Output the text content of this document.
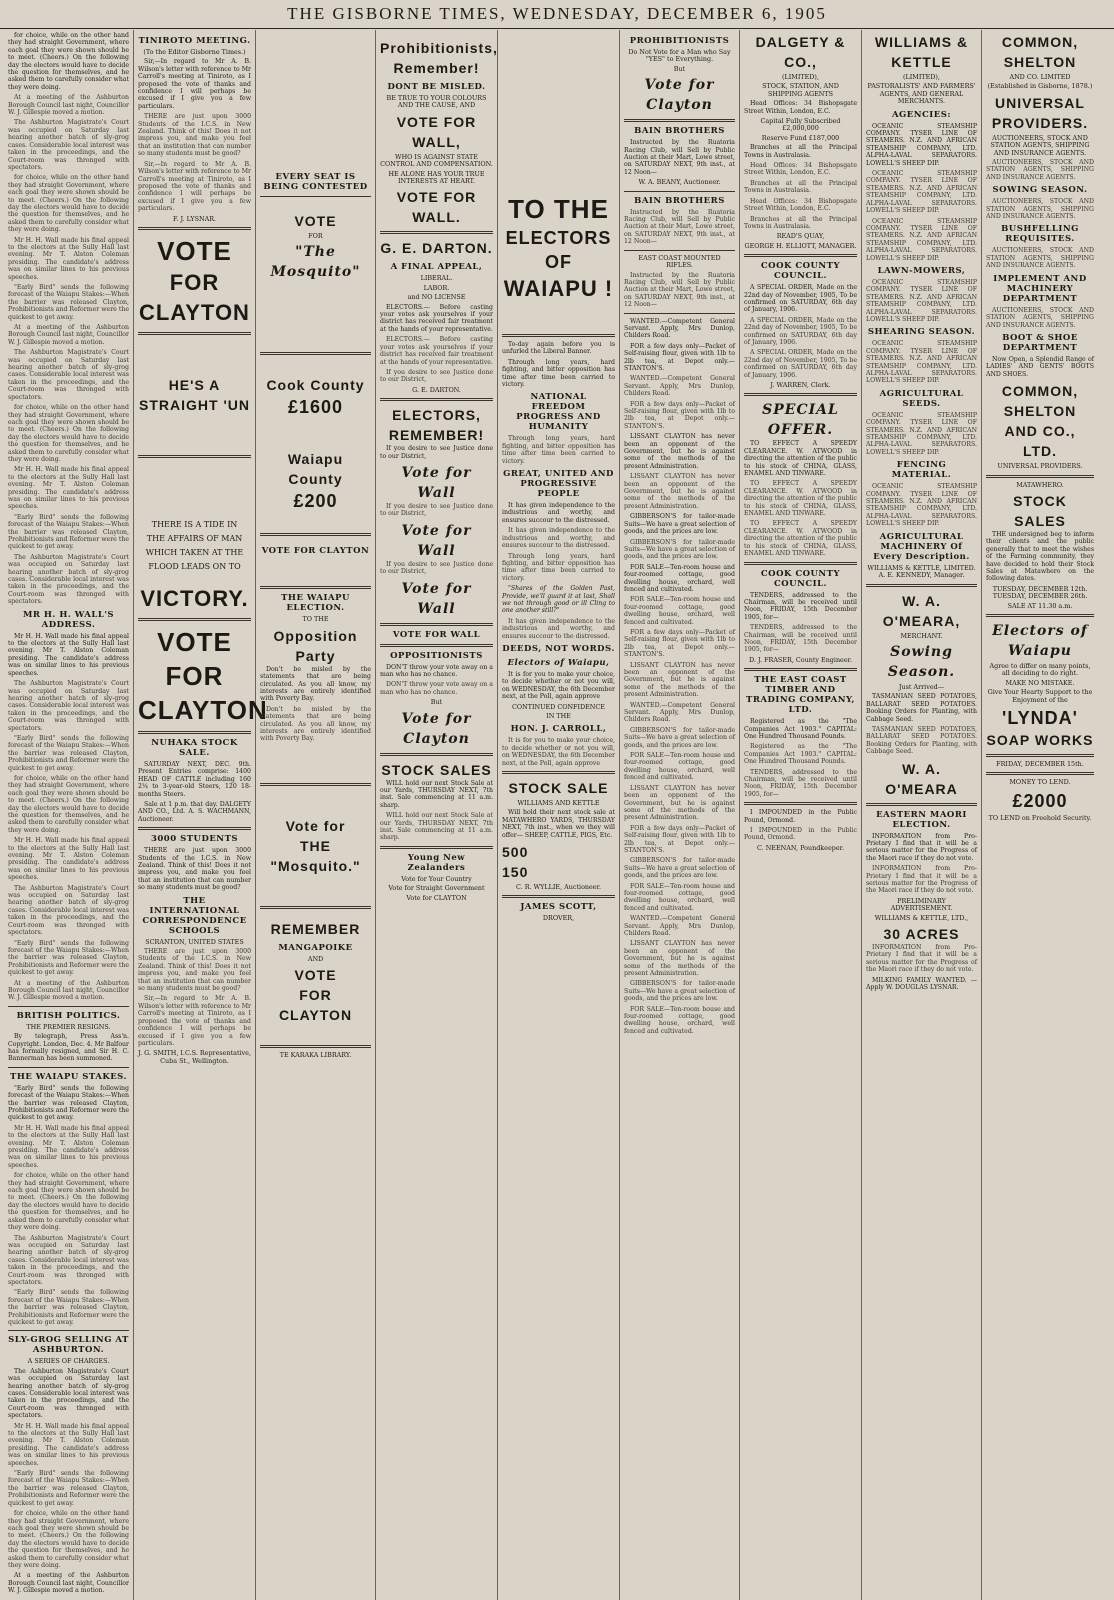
THE GISBORNE TIMES, WEDNESDAY, DECEMBER 6, 1905

for choice, while on the other hand they had straight Government, where each goal they were shown should be to meet. (Cheers.) On the following day the electors would have to decide the question for themselves, and he asked them to carefully consider what they were doing.

At a meeting of the Ashburton Borough Council last night, Councillor W. J. Gillespie moved a motion.

The Ashburton Magistrate's Court was occupied on Saturday last hearing another batch of sly-grog cases. Considerable local interest was taken in the proceedings, and the Court-room was thronged with spectators.

for choice, while on the other hand they had straight Government, where each goal they were shown should be to meet. (Cheers.) On the following day the electors would have to decide the question for themselves, and he asked them to carefully consider what they were doing.

Mr H. H. Wall made his final appeal to the electors at the Sully Hall last evening. Mr T. Alston Coleman presiding. The candidate's address was on similar lines to his previous speeches.

"Early Bird" sends the following forecast of the Waiapu Stakes:—When the barrier was released Clayton, Prohibitionists and Reformer were the quickest to get away.

At a meeting of the Ashburton Borough Council last night, Councillor W. J. Gillespie moved a motion.

The Ashburton Magistrate's Court was occupied on Saturday last hearing another batch of sly-grog cases. Considerable local interest was taken in the proceedings, and the Court-room was thronged with spectators.

for choice, while on the other hand they had straight Government, where each goal they were shown should be to meet. (Cheers.) On the following day the electors would have to decide the question for themselves, and he asked them to carefully consider what they were doing.

Mr H. H. Wall made his final appeal to the electors at the Sully Hall last evening. Mr T. Alston Coleman presiding. The candidate's address was on similar lines to his previous speeches.

"Early Bird" sends the following forecast of the Waiapu Stakes:—When the barrier was released Clayton, Prohibitionists and Reformer were the quickest to get away.

The Ashburton Magistrate's Court was occupied on Saturday last hearing another batch of sly-grog cases. Considerable local interest was taken in the proceedings, and the Court-room was thronged with spectators.

MR H. H. WALL'S ADDRESS.

Mr H. H. Wall made his final appeal to the electors at the Sully Hall last evening. Mr T. Alston Coleman presiding. The candidate's address was on similar lines to his previous speeches.

The Ashburton Magistrate's Court was occupied on Saturday last hearing another batch of sly-grog cases. Considerable local interest was taken in the proceedings, and the Court-room was thronged with spectators.

"Early Bird" sends the following forecast of the Waiapu Stakes:—When the barrier was released Clayton, Prohibitionists and Reformer were the quickest to get away.

for choice, while on the other hand they had straight Government, where each goal they were shown should be to meet. (Cheers.) On the following day the electors would have to decide the question for themselves, and he asked them to carefully consider what they were doing.

Mr H. H. Wall made his final appeal to the electors at the Sully Hall last evening. Mr T. Alston Coleman presiding. The candidate's address was on similar lines to his previous speeches.

The Ashburton Magistrate's Court was occupied on Saturday last hearing another batch of sly-grog cases. Considerable local interest was taken in the proceedings, and the Court-room was thronged with spectators.

"Early Bird" sends the following forecast of the Waiapu Stakes:—When the barrier was released Clayton, Prohibitionists and Reformer were the quickest to get away.

At a meeting of the Ashburton Borough Council last night, Councillor W. J. Gillespie moved a motion.

BRITISH POLITICS.
THE PREMIER RESIGNS.

By telegraph, Press Ass'n. Copyright. London, Dec. 4. Mr Balfour has formally resigned, and Sir H. C. Bannerman has been summoned.

THE WAIAPU STAKES.

"Early Bird" sends the following forecast of the Waiapu Stakes:—When the barrier was released Clayton, Prohibitionists and Reformer were the quickest to get away.

Mr H. H. Wall made his final appeal to the electors at the Sully Hall last evening. Mr T. Alston Coleman presiding. The candidate's address was on similar lines to his previous speeches.

for choice, while on the other hand they had straight Government, where each goal they were shown should be to meet. (Cheers.) On the following day the electors would have to decide the question for themselves, and he asked them to carefully consider what they were doing.

The Ashburton Magistrate's Court was occupied on Saturday last hearing another batch of sly-grog cases. Considerable local interest was taken in the proceedings, and the Court-room was thronged with spectators.

"Early Bird" sends the following forecast of the Waiapu Stakes:—When the barrier was released Clayton, Prohibitionists and Reformer were the quickest to get away.

SLY-GROG SELLING AT ASHBURTON.
A SERIES OF CHARGES.

The Ashburton Magistrate's Court was occupied on Saturday last hearing another batch of sly-grog cases. Considerable local interest was taken in the proceedings, and the Court-room was thronged with spectators.

Mr H. H. Wall made his final appeal to the electors at the Sully Hall last evening. Mr T. Alston Coleman presiding. The candidate's address was on similar lines to his previous speeches.

"Early Bird" sends the following forecast of the Waiapu Stakes:—When the barrier was released Clayton, Prohibitionists and Reformer were the quickest to get away.

for choice, while on the other hand they had straight Government, where each goal they were shown should be to meet. (Cheers.) On the following day the electors would have to decide the question for themselves, and he asked them to carefully consider what they were doing.

At a meeting of the Ashburton Borough Council last night, Councillor W. J. Gillespie moved a motion.

TINIROTO MEETING.
(To the Editor Gisborne Times.)

Sir,—In regard to Mr A. B. Wilson's letter with reference to Mr Carroll's meeting at Tiniroto, as I proposed the vote of thanks and confidence I will perhaps be excused if I give you a few particulars.

THERE are just upon 3000 Students of the I.C.S. in New Zealand. Think of this! Does it not impress you, and make you feel that an institution that can number so many students must be good?

Sir,—In regard to Mr A. B. Wilson's letter with reference to Mr Carroll's meeting at Tiniroto, as I proposed the vote of thanks and confidence I will perhaps be excused if I give you a few particulars.

F. J. LYSNAR.
VOTE
FOR
CLAYTON
HE'S A STRAIGHT 'UN
THERE IS A TIDE IN THE AFFAIRS OF MAN WHICH TAKEN AT THE FLOOD LEADS ON TO
VICTORY.
VOTE
FOR
CLAYTON
NUHAKA STOCK SALE.

SATURDAY NEXT, DEC. 9th. Present Entries comprise: 1400 HEAD OF CATTLE including 160 2¼ to 3-year-old Steers, 120 18-months Steers.

Sale at 1 p.m. that day. DALGETY AND CO., Ltd. A. S. WACHMANN, Auctioneer.

3000 STUDENTS

THERE are just upon 3000 Students of the I.C.S. in New Zealand. Think of this! Does it not impress you, and make you feel that an institution that can number so many students must be good?

THE INTERNATIONAL CORRESPONDENCE SCHOOLS
SCRANTON, UNITED STATES

THERE are just upon 3000 Students of the I.C.S. in New Zealand. Think of this! Does it not impress you, and make you feel that an institution that can number so many students must be good?

Sir,—In regard to Mr A. B. Wilson's letter with reference to Mr Carroll's meeting at Tiniroto, as I proposed the vote of thanks and confidence I will perhaps be excused if I give you a few particulars.

J. G. SMITH, I.C.S. Representative, Cuba St., Wellington.
EVERY SEAT IS BEING CONTESTED
VOTE
FOR
"The Mosquito"
Cook County
£1600
Waiapu County
£200
VOTE FOR CLAYTON
THE WAIAPU ELECTION.
TO THE
Opposition Party

Don't be misled by the statements that are being circulated. As you all know, my interests are entirely identified with Poverty Bay.

Don't be misled by the statements that are being circulated. As you all know, my interests are entirely identified with Poverty Bay.

Vote for
THE "Mosquito."
REMEMBER
MANGAPOIKE
AND
VOTE
FOR
CLAYTON
TE KARAKA LIBRARY.
Prohibitionists, Remember!
DONT BE MISLED.
BE TRUE TO YOUR COLOURS AND THE CAUSE, AND
VOTE FOR WALL,
WHO IS AGAINST STATE CONTROL AND COMPENSATION.
HE ALONE HAS YOUR TRUE INTERESTS AT HEART.
VOTE FOR WALL.
G. E. DARTON.
A FINAL APPEAL,
LIBERAL.
LABOR.
and NO LICENSE

ELECTORS.— Before casting your votes ask yourselves if your district has received fair treatment at the hands of your representative.

ELECTORS.— Before casting your votes ask yourselves if your district has received fair treatment at the hands of your representative.

If you desire to see Justice done to our District,

G. E. DARTON.
ELECTORS, REMEMBER!

If you desire to see Justice done to our District,

Vote for Wall

If you desire to see Justice done to our District,

Vote for Wall

If you desire to see Justice done to our District,

Vote for Wall
VOTE FOR WALL
OPPOSITIONISTS

DON'T throw your vote away on a man who has no chance.

DON'T throw your vote away on a man who has no chance.

But
Vote for Clayton
STOCK SALES

WILL hold our next Stock Sale at our Yards, THURSDAY NEXT, 7th inst. Sale commencing at 11 a.m. sharp.

WILL hold our next Stock Sale at our Yards, THURSDAY NEXT, 7th inst. Sale commencing at 11 a.m. sharp.

Young New Zealanders
Vote for Your Country
Vote for Straight Government
Vote for CLAYTON
TO THE
ELECTORS OF
WAIAPU !

To-day again before you is unfurled the Liberal Banner.

Through long years, hard fighting, and bitter opposition has time after time been carried to victory.

NATIONAL FREEDOM PROGRESS AND HUMANITY

Through long years, hard fighting, and bitter opposition has time after time been carried to victory.

GREAT, UNITED AND PROGRESSIVE PEOPLE

It has given independence to the industrious and worthy, and ensures succour to the distressed.

It has given independence to the industrious and worthy, and ensures succour to the distressed.

Through long years, hard fighting, and bitter opposition has time after time been carried to victory.

"Shares of the Golden Past, Provide, we'll guard it at last, Shall we not through good or ill Cling to one another still?"

It has given independence to the industrious and worthy, and ensures succour to the distressed.

DEEDS, NOT WORDS.
Electors of Waiapu,

It is for you to make your choice, to decide whether or not you will, on WEDNESDAY, the 6th December next, at the Poll, again approve

CONTINUED CONFIDENCE
IN THE
HON. J. CARROLL,

It is for you to make your choice, to decide whether or not you will, on WEDNESDAY, the 6th December next, at the Poll, again approve

STOCK SALE
WILLIAMS AND KETTLE

Will hold their next stock sale at MATAWHERO YARDS, THURSDAY NEXT, 7th inst., when we they will offer— SHEEP, CATTLE, PIGS, Etc.

500
150
C. R. WYLLIE, Auctioneer.
JAMES SCOTT,
DROVER,
PROHIBITIONISTS
Do Not Vote for a Man who Say "YES" to Everything.
But
Vote for Clayton
BAIN BROTHERS

Instructed by the Ruatoria Racing Club, will Sell by Public Auction at their Mart, Lowe street, on SATURDAY NEXT, 9th inst., at 12 Noon—

W. A. BEANY, Auctioneer.
BAIN BROTHERS

Instructed by the Ruatoria Racing Club, will Sell by Public Auction at their Mart, Lowe street, on SATURDAY NEXT, 9th inst., at 12 Noon—

EAST COAST MOUNTED RIFLES.

Instructed by the Ruatoria Racing Club, will Sell by Public Auction at their Mart, Lowe street, on SATURDAY NEXT, 9th inst., at 12 Noon—

WANTED.—Competent General Servant. Apply, Mrs Dunlop, Childers Road.

FOR a few days only—Packet of Self-raising flour, given with 1lb to 2lb tea, at Depot only.—STANTON'S.

WANTED.—Competent General Servant. Apply, Mrs Dunlop, Childers Road.

FOR a few days only—Packet of Self-raising flour, given with 1lb to 2lb tea, at Depot only.—STANTON'S.

LISSANT CLAYTON has never been an opponent of the Government, but he is against some of the methods of the present Administration.

LISSANT CLAYTON has never been an opponent of the Government, but he is against some of the methods of the present Administration.

GIBBERSON'S for tailor-made Suits—We have a great selection of goods, and the prices are low.

GIBBERSON'S for tailor-made Suits—We have a great selection of goods, and the prices are low.

FOR SALE—Ten-room house and four-roomed cottage, good dwelling house, orchard, well fenced and cultivated.

FOR SALE—Ten-room house and four-roomed cottage, good dwelling house, orchard, well fenced and cultivated.

FOR a few days only—Packet of Self-raising flour, given with 1lb to 2lb tea, at Depot only.—STANTON'S.

LISSANT CLAYTON has never been an opponent of the Government, but he is against some of the methods of the present Administration.

WANTED.—Competent General Servant. Apply, Mrs Dunlop, Childers Road.

GIBBERSON'S for tailor-made Suits—We have a great selection of goods, and the prices are low.

FOR SALE—Ten-room house and four-roomed cottage, good dwelling house, orchard, well fenced and cultivated.

LISSANT CLAYTON has never been an opponent of the Government, but he is against some of the methods of the present Administration.

FOR a few days only—Packet of Self-raising flour, given with 1lb to 2lb tea, at Depot only.—STANTON'S.

GIBBERSON'S for tailor-made Suits—We have a great selection of goods, and the prices are low.

FOR SALE—Ten-room house and four-roomed cottage, good dwelling house, orchard, well fenced and cultivated.

WANTED.—Competent General Servant. Apply, Mrs Dunlop, Childers Road.

LISSANT CLAYTON has never been an opponent of the Government, but he is against some of the methods of the present Administration.

GIBBERSON'S for tailor-made Suits—We have a great selection of goods, and the prices are low.

FOR SALE—Ten-room house and four-roomed cottage, good dwelling house, orchard, well fenced and cultivated.

DALGETY & CO.,
(LIMITED),
STOCK, STATION, AND SHIPPING AGENTS

Head Offices: 34 Bishopsgate Street Within, London, E.C.

Capital Fully Subscribed £2,000,000
Reserve Fund £187,000

Branches at all the Principal Towns in Australasia.

Head Offices: 34 Bishopsgate Street Within, London, E.C.

Branches at all the Principal Towns in Australasia.

Head Offices: 34 Bishopsgate Street Within, London, E.C.

Branches at all the Principal Towns in Australasia.

READ'S QUAY,
GEORGE H. ELLIOTT, MANAGER.
COOK COUNTY COUNCIL.

A SPECIAL ORDER, Made on the 22nd day of November, 1905, To be confirmed on SATURDAY, 6th day of January, 1906.

A SPECIAL ORDER, Made on the 22nd day of November, 1905, To be confirmed on SATURDAY, 6th day of January, 1906.

A SPECIAL ORDER, Made on the 22nd day of November, 1905, To be confirmed on SATURDAY, 6th day of January, 1906.

J. WARREN, Clerk.
SPECIAL OFFER.

TO EFFECT A SPEEDY CLEARANCE. W. ATWOOD in directing the attention of the public to his stock of CHINA, GLASS, ENAMEL AND TINWARE.

TO EFFECT A SPEEDY CLEARANCE. W. ATWOOD in directing the attention of the public to his stock of CHINA, GLASS, ENAMEL AND TINWARE.

TO EFFECT A SPEEDY CLEARANCE. W. ATWOOD in directing the attention of the public to his stock of CHINA, GLASS, ENAMEL AND TINWARE.

COOK COUNTY COUNCIL.

TENDERS, addressed to the Chairman, will be received until Noon, FRIDAY, 15th December 1905, for—

TENDERS, addressed to the Chairman, will be received until Noon, FRIDAY, 15th December 1905, for—

D. J. FRASER, County Engineer.
THE EAST COAST TIMBER AND TRADING COMPANY, LTD.

Registered as the "The Companies Act 1903." CAPITAL: One Hundred Thousand Pounds.

Registered as the "The Companies Act 1903." CAPITAL: One Hundred Thousand Pounds.

TENDERS, addressed to the Chairman, will be received until Noon, FRIDAY, 15th December 1905, for—

I IMPOUNDED in the Public Pound, Ormond.

I IMPOUNDED in the Public Pound, Ormond.

C. NEENAN, Poundkeeper.
WILLIAMS & KETTLE
(LIMITED),
PASTORALISTS' AND FARMERS' AGENTS, AND GENERAL MERCHANTS.
AGENCIES:

OCEANIC STEAMSHIP COMPANY. TYSER LINE OF STEAMERS. N.Z. AND AFRICAN STEAMSHIP COMPANY, LTD. ALPHA-LAVAL SEPARATORS. LOWELL'S SHEEP DIP.

OCEANIC STEAMSHIP COMPANY. TYSER LINE OF STEAMERS. N.Z. AND AFRICAN STEAMSHIP COMPANY, LTD. ALPHA-LAVAL SEPARATORS. LOWELL'S SHEEP DIP.

OCEANIC STEAMSHIP COMPANY. TYSER LINE OF STEAMERS. N.Z. AND AFRICAN STEAMSHIP COMPANY, LTD. ALPHA-LAVAL SEPARATORS. LOWELL'S SHEEP DIP.

LAWN-MOWERS,

OCEANIC STEAMSHIP COMPANY. TYSER LINE OF STEAMERS. N.Z. AND AFRICAN STEAMSHIP COMPANY, LTD. ALPHA-LAVAL SEPARATORS. LOWELL'S SHEEP DIP.

SHEARING SEASON.

OCEANIC STEAMSHIP COMPANY. TYSER LINE OF STEAMERS. N.Z. AND AFRICAN STEAMSHIP COMPANY, LTD. ALPHA-LAVAL SEPARATORS. LOWELL'S SHEEP DIP.

AGRICULTURAL SEEDS.

OCEANIC STEAMSHIP COMPANY. TYSER LINE OF STEAMERS. N.Z. AND AFRICAN STEAMSHIP COMPANY, LTD. ALPHA-LAVAL SEPARATORS. LOWELL'S SHEEP DIP.

FENCING MATERIAL.

OCEANIC STEAMSHIP COMPANY. TYSER LINE OF STEAMERS. N.Z. AND AFRICAN STEAMSHIP COMPANY, LTD. ALPHA-LAVAL SEPARATORS. LOWELL'S SHEEP DIP.

AGRICULTURAL MACHINERY Of Every Description.
WILLIAMS & KETTLE, LIMITED. A. E. KENNEDY, Manager.
W. A. O'MEARA,
MERCHANT.
Sowing Season.
Just Arrived—

TASMANIAN SEED POTATOES, BALLARAT SEED POTATOES. Booking Orders for Planting, with Cabbage Seed.

TASMANIAN SEED POTATOES, BALLARAT SEED POTATOES. Booking Orders for Planting, with Cabbage Seed.

W. A. O'MEARA
EASTERN MAORI ELECTION.

INFORMATION from Pro-Prietary I find that it will be a serious matter for the Progress of the Maori race if they do not vote.

INFORMATION from Pro-Prietary I find that it will be a serious matter for the Progress of the Maori race if they do not vote.

PRELIMINARY ADVERTISEMENT.
WILLIAMS & KETTLE, LTD.,
30 ACRES

INFORMATION from Pro-Prietary I find that it will be a serious matter for the Progress of the Maori race if they do not vote.

MILKING FAMILY WANTED. — Apply W. DOUGLAS LYSNAR.

COMMON, SHELTON
AND CO. LIMITED
(Established in Gisborne, 1878.)
UNIVERSAL PROVIDERS.
AUCTIONEERS, STOCK AND STATION AGENTS, SHIPPING AND INSURANCE AGENTS.

AUCTIONEERS, STOCK AND STATION AGENTS, SHIPPING AND INSURANCE AGENTS.

SOWING SEASON.

AUCTIONEERS, STOCK AND STATION AGENTS, SHIPPING AND INSURANCE AGENTS.

BUSHFELLING REQUISITES.

AUCTIONEERS, STOCK AND STATION AGENTS, SHIPPING AND INSURANCE AGENTS.

IMPLEMENT AND MACHINERY DEPARTMENT

AUCTIONEERS, STOCK AND STATION AGENTS, SHIPPING AND INSURANCE AGENTS.

BOOT & SHOE DEPARTMENT

Now Open, a Splendid Range of LADIES' AND GENTS' BOOTS AND SHOES.

COMMON, SHELTON AND CO., LTD.
UNIVERSAL PROVIDERS.
MATAWHERO.
STOCK SALES

THE undersigned beg to inform their clients and the public generally that to meet the wishes of the Farming community, they have decided to hold their Stock Sales at Matawhero on the following dates.

TUESDAY, DECEMBER 12th. TUESDAY, DECEMBER 26th.
SALE AT 11.30 a.m.
Electors of Waiapu
Agree to differ on many points, all deciding to do right.
MAKE NO MISTAKE.
Give Your Hearty Support to the Enjoyment of the
'LYNDA'
SOAP WORKS
FRIDAY, DECEMBER 15th.
MONEY TO LEND.
£2000
TO LEND on Freehold Security.
